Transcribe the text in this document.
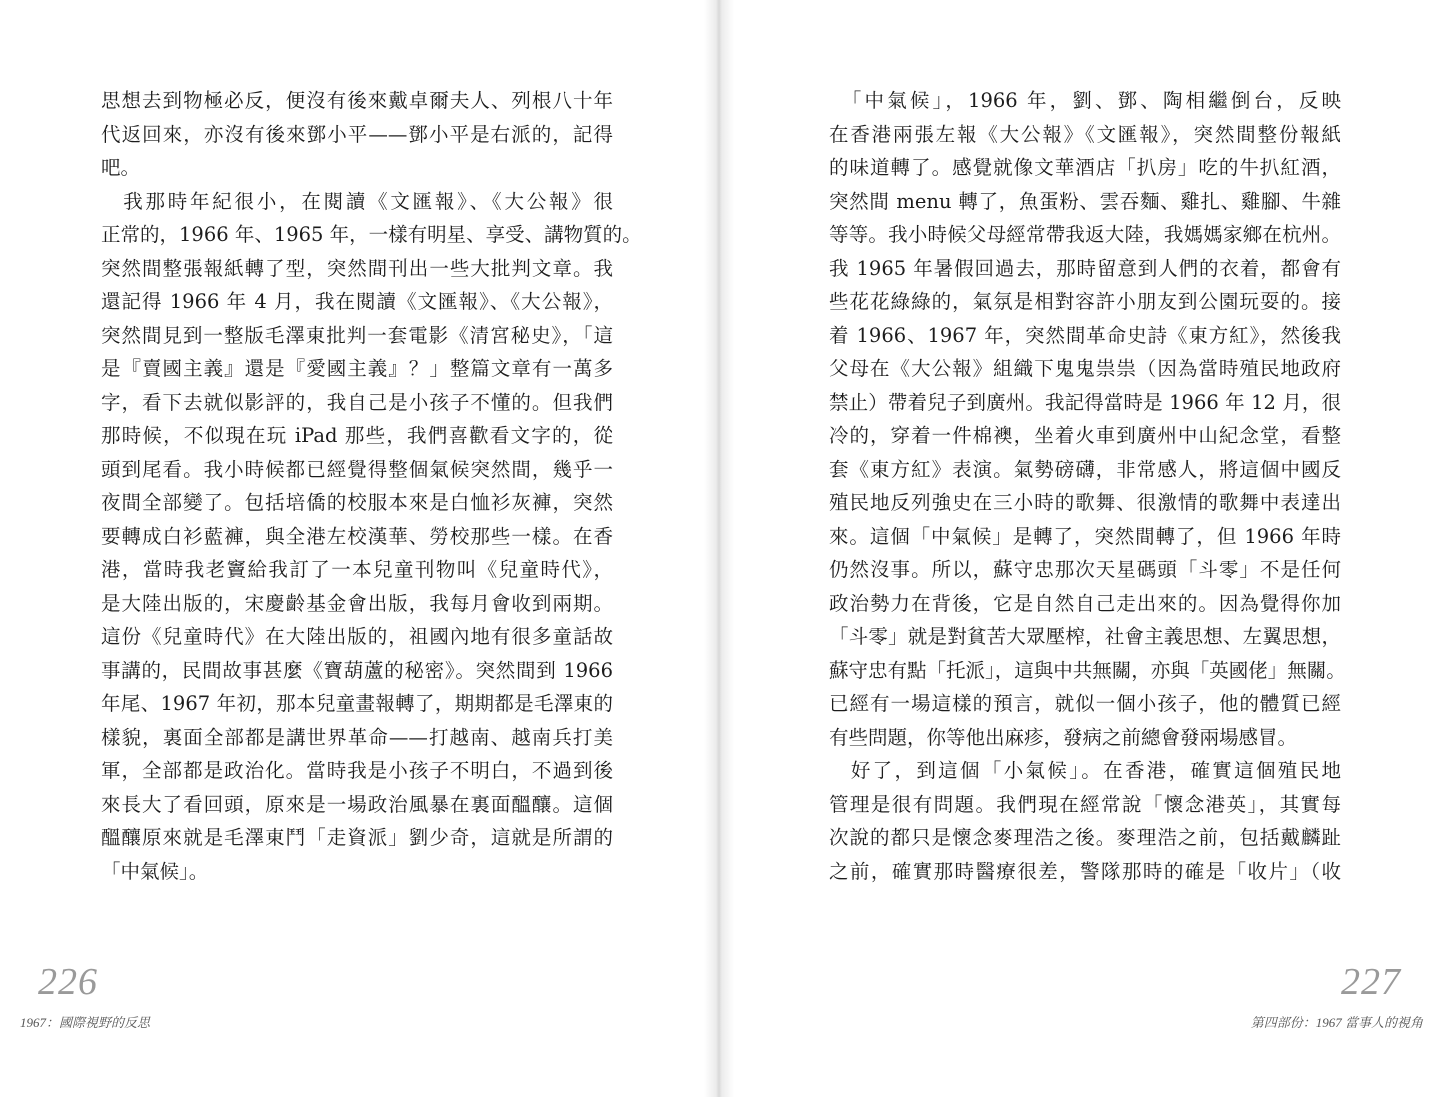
思想去到物極必反，便沒有後來戴卓爾夫人、列根八十年
代返回來，亦沒有後來鄧小平——鄧小平是右派的，記得
吧。
　我那時年紀很小，在閱讀《文匯報》、《大公報》很
正常的，1966 年、1965 年，一樣有明星、享受、講物質的。
突然間整張報紙轉了型，突然間刊出一些大批判文章。我
還記得 1966 年 4 月，我在閱讀《文匯報》、《大公報》，
突然間見到一整版毛澤東批判一套電影《清宮秘史》，「這
是『賣國主義』還是『愛國主義』？」整篇文章有一萬多
字，看下去就似影評的，我自己是小孩子不懂的。但我們
那時候，不似現在玩 iPad 那些，我們喜歡看文字的，從
頭到尾看。我小時候都已經覺得整個氣候突然間，幾乎一
夜間全部變了。包括培僑的校服本來是白恤衫灰褲，突然
要轉成白衫藍褲，與全港左校漢華、勞校那些一樣。在香
港，當時我老竇給我訂了一本兒童刊物叫《兒童時代》，
是大陸出版的，宋慶齡基金會出版，我每月會收到兩期。
這份《兒童時代》在大陸出版的，祖國內地有很多童話故
事講的，民間故事甚麼《寶葫蘆的秘密》。突然間到 1966
年尾、1967 年初，那本兒童畫報轉了，期期都是毛澤東的
樣貌，裏面全部都是講世界革命——打越南、越南兵打美
軍，全部都是政治化。當時我是小孩子不明白，不過到後
來長大了看回頭，原來是一場政治風暴在裏面醞釀。這個
醞釀原來就是毛澤東鬥「走資派」劉少奇，這就是所謂的
「中氣候」。
226
1967：國際視野的反思
　「中氣候」，1966 年，劉、鄧、陶相繼倒台，反映
在香港兩張左報《大公報》《文匯報》，突然間整份報紙
的味道轉了。感覺就像文華酒店「扒房」吃的牛扒紅酒，
突然間 menu 轉了，魚蛋粉、雲吞麵、雞扎、雞腳、牛雜
等等。我小時候父母經常帶我返大陸，我媽媽家鄉在杭州。
我 1965 年暑假回過去，那時留意到人們的衣着，都會有
些花花綠綠的，氣氛是相對容許小朋友到公園玩耍的。接
着 1966、1967 年，突然間革命史詩《東方紅》，然後我
父母在《大公報》組織下鬼鬼祟祟（因為當時殖民地政府
禁止）帶着兒子到廣州。我記得當時是 1966 年 12 月，很
冷的，穿着一件棉襖，坐着火車到廣州中山紀念堂，看整
套《東方紅》表演。氣勢磅礴，非常感人，將這個中國反
殖民地反列強史在三小時的歌舞、很激情的歌舞中表達出
來。這個「中氣候」是轉了，突然間轉了，但 1966 年時
仍然沒事。所以，蘇守忠那次天星碼頭「斗零」不是任何
政治勢力在背後，它是自然自己走出來的。因為覺得你加
「斗零」就是對貧苦大眾壓榨，社會主義思想、左翼思想，
蘇守忠有點「托派」，這與中共無關，亦與「英國佬」無關。
已經有一場這樣的預言，就似一個小孩子，他的體質已經
有些問題，你等他出麻疹，發病之前總會發兩場感冒。
　好了，到這個「小氣候」。在香港，確實這個殖民地
管理是很有問題。我們現在經常說「懷念港英」，其實每
次說的都只是懷念麥理浩之後。麥理浩之前，包括戴麟趾
之前，確實那時醫療很差，警隊那時的確是「收片」（收
227
第四部份：1967 當事人的視角
